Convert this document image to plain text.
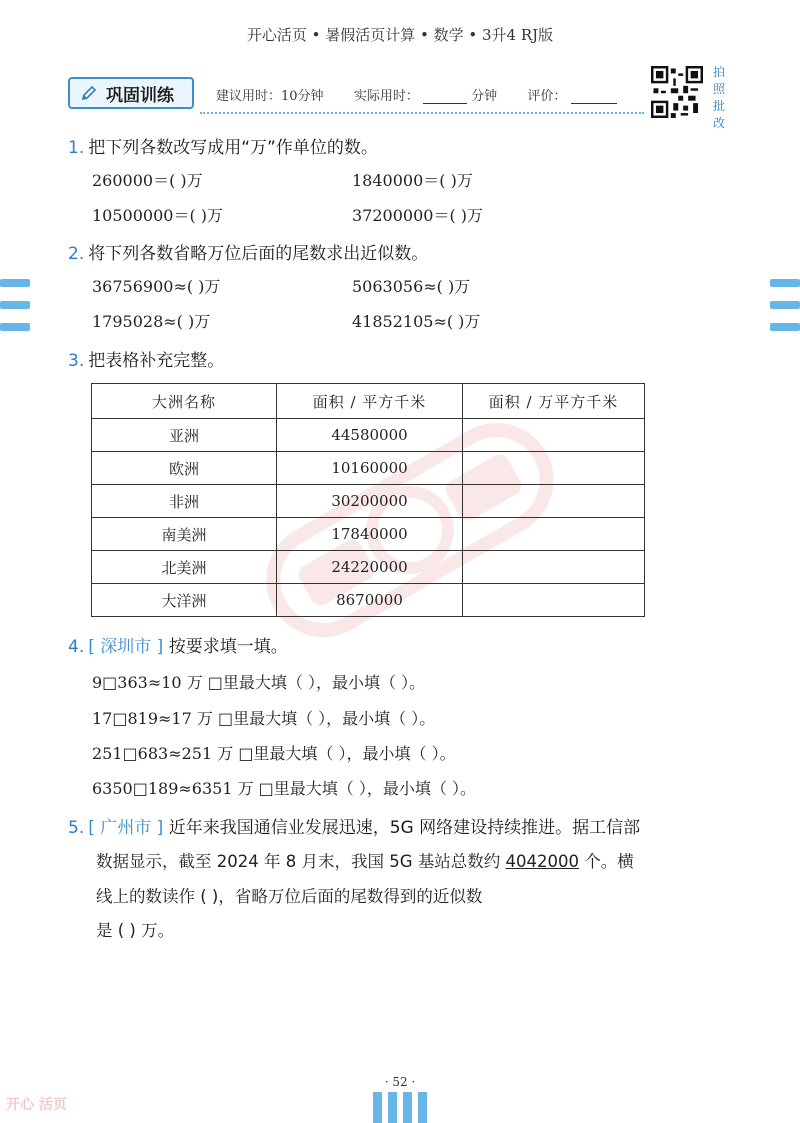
开心活页 • 暑假活页计算 • 数学 • 3升4 RJ版
巩固训练	建议用时：10分钟 实际用时：	分钟 评价：
拍
照
批
改
1. 把下列各数改写成用“万”作单位的数。
260000＝( )万	1840000＝( )万
10500000＝( )万	37200000＝( )万
2. 将下列各数省略万位后面的尾数求出近似数。
36756900≈( )万	5063056≈( )万
1795028≈( )万	41852105≈( )万
3. 把表格补充完整。
大洲名称	面积 / 平方千米	面积 / 万平方千米
亚洲	44580000	
欧洲	10160000	
非洲	30200000	
南美洲	17840000	
北美洲	24220000	
大洋洲	8670000	
4. [ 深圳市 ] 按要求填一填。
9□363≈10 万 □里最大填（ ），最小填（ ）。
17□819≈17 万 □里最大填（ ），最小填（ ）。
251□683≈251 万 □里最大填（ ），最小填（ ）。
6350□189≈6351 万 □里最大填（ ），最小填（ ）。
5. [ 广州市 ] 近年来我国通信业发展迅速，5G 网络建设持续推进。据工信部
数据显示，截至 2024 年 8 月末，我国 5G 基站总数约 4042000 个。横
线上的数读作 ( )，省略万位后面的尾数得到的近似数
是 ( ) 万。
· 52 ·
开心 活页
